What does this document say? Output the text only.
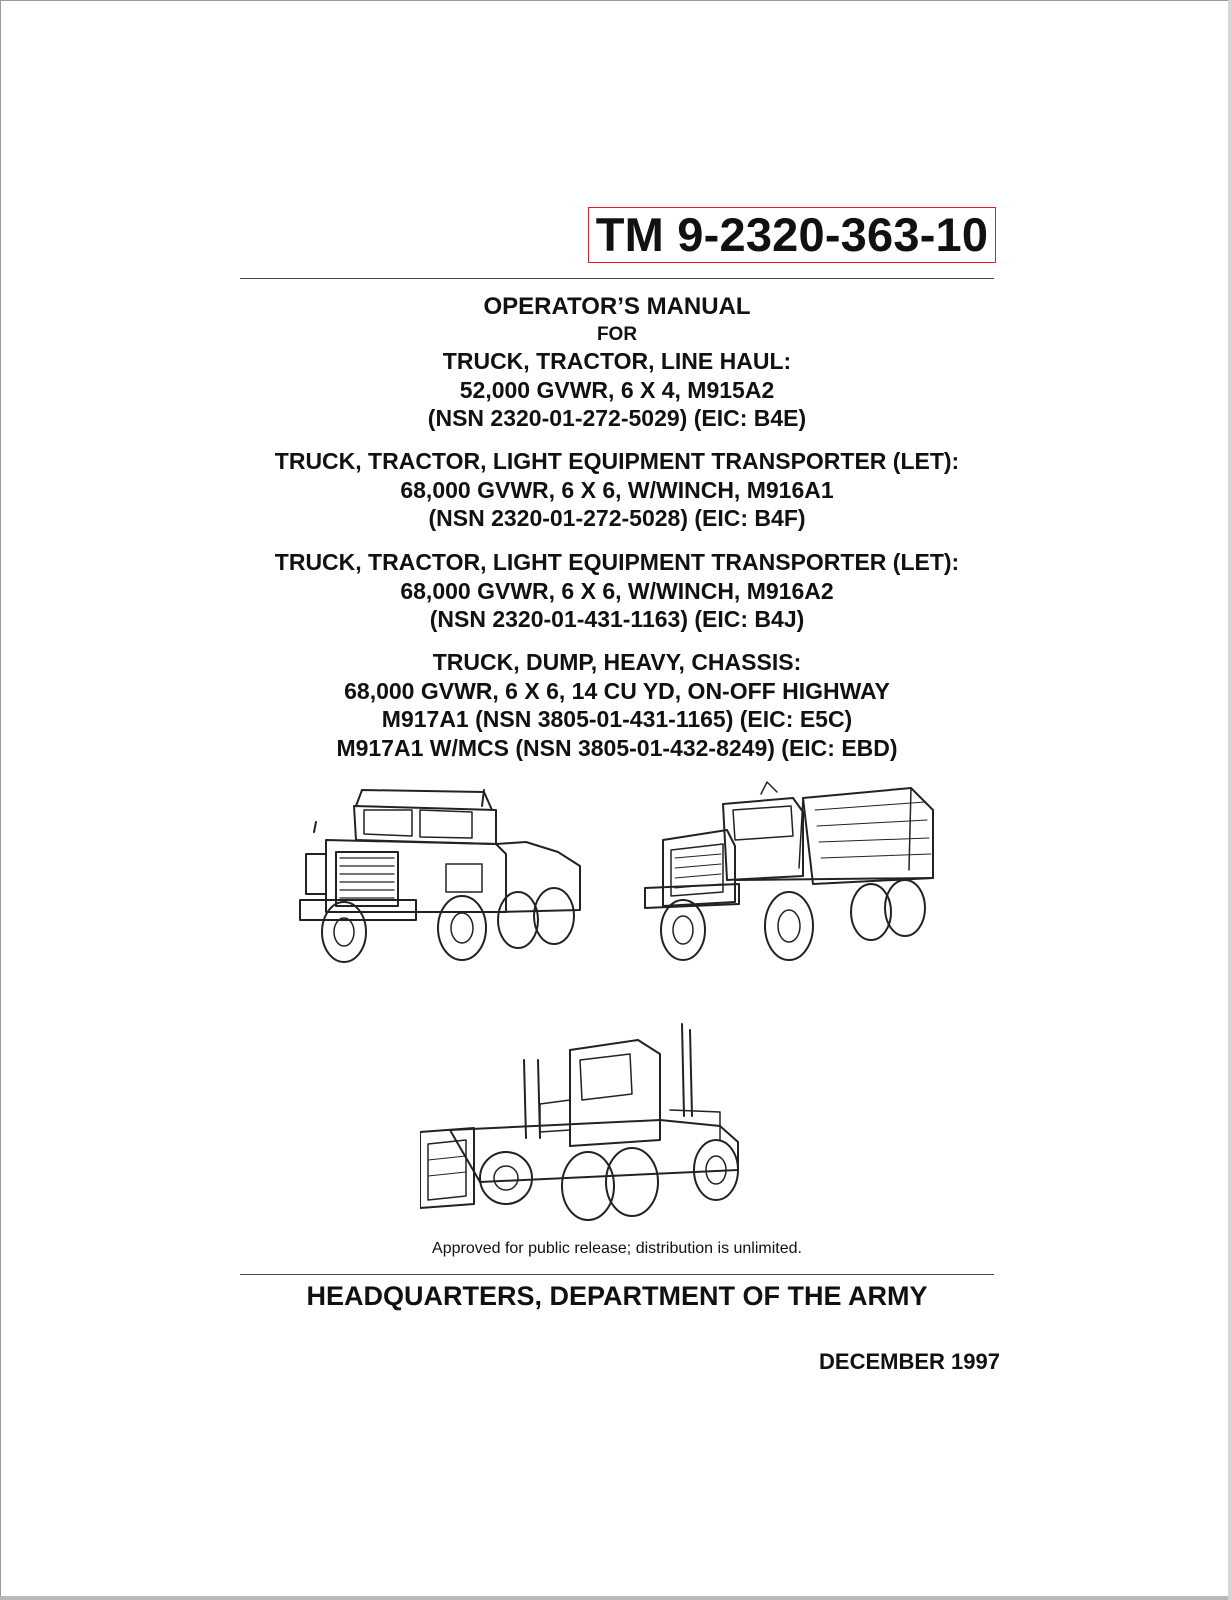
TM 9-2320-363-10
OPERATOR’S MANUAL
FOR
TRUCK, TRACTOR, LINE HAUL:
52,000 GVWR, 6 X 4, M915A2
(NSN 2320-01-272-5029) (EIC: B4E)
TRUCK, TRACTOR, LIGHT EQUIPMENT TRANSPORTER (LET):
68,000 GVWR, 6 X 6, W/WINCH, M916A1
(NSN 2320-01-272-5028) (EIC: B4F)
TRUCK, TRACTOR, LIGHT EQUIPMENT TRANSPORTER (LET):
68,000 GVWR, 6 X 6, W/WINCH, M916A2
(NSN 2320-01-431-1163) (EIC: B4J)
TRUCK, DUMP, HEAVY, CHASSIS:
68,000 GVWR, 6 X 6, 14 CU YD, ON-OFF HIGHWAY
M917A1 (NSN 3805-01-431-1165) (EIC: E5C)
M917A1 W/MCS (NSN 3805-01-432-8249) (EIC: EBD)
Approved for public release; distribution is unlimited.
HEADQUARTERS, DEPARTMENT OF THE ARMY
DECEMBER 1997
